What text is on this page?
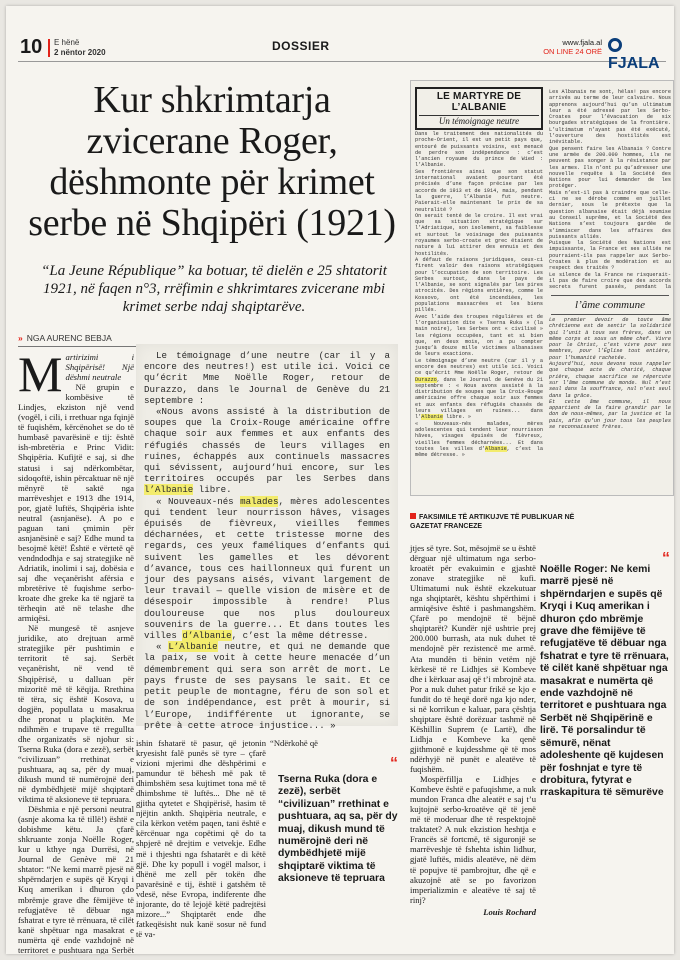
10 E hënë
2 nëntor 2020	DOSSIER	www.fjala.al
ON LINE 24 ORË
FJALA
Kur shkrimtarja zvicerane Roger, dëshmonte për krimet serbe në Shqipëri (1921)

“La Jeune République” ka botuar, të dielën e 25 shtatorit 1921, në faqen n°3, rrëfimin e shkrimtares zvicerane mbi krimet serbe ndaj shqiptarëve.

» NGA AURENC BEBJA
M artirizimi i Shqipërisë! Një dëshmi neutrale

Në grupin e kombësive të Lindjes, ekziston një vend (vogël, i cili, i rrethuar nga fqinjë të fuqishëm, kërcënohet se do të humbasë pavarësinë e tij: është ish-mbretëria e Princ Vidit: Shqipëria. Kufijtë e saj, si dhe statusi i saj ndërkombëtar, sidoqoftë, ishin përcaktuar në një mënyrë të saktë nga marrëveshjet e 1913 dhe 1914, por, gjatë luftës, Shqipëria ishte neutral (asnjanëse). A po e paguan tani çmimin për asnjanësinë e saj? Edhe mund ta besojmë këtë! Është e vërtetë që vendndodhja e saj strategjike në Adriatik, inolimi i saj, dobësia e saj dhe veçanërisht afërsia e mbretërive të fuqishme serbo-kroate dhe greke ka të ngjarë ta tërheqin atë në telashe dhe armiqësi.

Në mungesë të asnjeve juridike, ato drejtuan armë strategjike për pushtimin e territorit të saj. Serbët veçanërisht, në vend të Shqipërisë, u dalluan për mizoritë më të këqija. Rrethina të tëra, siç është Kosova, u dogjën, popullata u masakrua dhe pronat u plaçkitën. Me ndihmën e trupave të rregullta dhe organizatës së njohur si: Tserna Ruka (dora e zezë), serbët “civilizuan” rrethinat e pushtuara, aq sa, për dy muaj, dikush mund të numërojnë deri në dymbëdhjetë mijë shqiptarë viktima të aksioneve të tepruara.

Dëshmia e një personi neutral (asnje akoma ka të tillë!) është e dobishme këtu. Ja çfarë shkruante zonja Noëlle Roger, kur u kthye nga Durrësi, në Journal de Genève më 21 shtator: “Ne kemi marrë pjesë në shpërndarjen e supës që Kryqi i Kuq amerikan i dhuron çdo mbrëmje grave dhe fëmijëve të refugjatëve të dëbuar nga fshatrat e tyre të rrënuara, të cilët kanë shpëtuar nga masakrat e numërta që ende vazhdojnë në territoret e pushtuara nga Serbët

Le témoignage d’une neutre (car il y a encore des neutres!) est utile ici. Voici ce qu’écrit Mme Noëlle Roger, retour de Durazzo, dans le Journal de Genève du 21 septembre :

«Nous avons assisté à la distribution de soupes que la Croix-Rouge américaine offre chaque soir aux femmes et aux enfants des réfugiés chassés de leurs villages en ruines, échappés aux continuels massacres qui sévissent, aujourd’hui encore, sur les territoires occupés par les Serbes dans l’Albanie libre.

« Nouveaux-nés malades, mères adolescentes qui tendent leur nourrisson hâves, visages épuisés de fièvreux, vieilles femmes décharnées, et cette tristesse morne des regards, ces yeux faméliques d’enfants qui suivent les gamelles et les dévorent d’avance, tous ces haillonneux qui furent un jour des paysans aisés, vivant largement de leur travail — quelle vision de misère et de désespoir impossible à rendre! Plus douloureuse que nos plus douloureux souvenirs de la guerre... Et dans toutes les villes d’Albanie, c’est la même détresse.

« L’Albanie neutre, et qui ne demande que la paix, se voit à cette heure menacée d’un démembrement qui sera son arrêt de mort. Le pays fruste de ses paysans le sait. Et ce petit peuple de montagne, féru de son sol et de son indépendance, est prêt à mourir, si l’Europe, indifférente ut ignorante, se prête à cette atroce injustice... »

LE MARTYRE DE L’ALBANIE
Un témoignage neutre
Dans le traitement des nationalités du proche-Orient, il est un petit pays que, entouré de puissants voisins, est menacé de perdre son indépendance : c’est l’ancien royaume du prince de Wied : l’Albanie.
Ses frontières ainsi que son statut international avaient pourtant été précisés d’une façon précise par les accords de 1913 et de 1914, mais, pendant la guerre, l’Albanie fut neutre. Paierait-elle maintenant le prix de sa neutralité ?
On serait tenté de le croire. Il est vrai que sa situation stratégique sur l’Adriatique, son isolement, sa faiblesse et surtout le voisinage des puissants royaumes serbo-croate et grec étaient de nature à lui attirer des ennuis et des hostilités.
A défaut de raisons juridiques, ceux-ci firent valoir des raisons stratégiques pour l’occupation de son territoire. Les Serbes surtout, dans le pays de l’Albanie, se sont signalés par les pires atrocités. Des régions entières, comme le Kossovo, ont été incendiées, les populations massacrées et les biens pillés.
Avec l’aide des troupes régulières et de l’organisation dite « Tserna Ruka » (la main noire), les Serbes ont « civilisé » les régions occupées, tant et si bien que, en deux mois, on a pu compter jusqu’à douze mille victimes albanaises de leurs exactions.
Le témoignage d’une neutre (car il y a encore des neutres) est utile ici. Voici ce qu’écrit Mme Noëlle Roger, retour de Durazzo, dans le Journal de Genève du 21 septembre : « Nous avons assisté à la distribution de soupes que la Croix-Rouge américaine offre chaque soir aux femmes et aux enfants des réfugiés chassés de leurs villages en ruines... dans l’Albanie libre. »
« Nouveaux-nés malades, mères adolescentes qui tendent leur nourrisson hâves, visages épuisés de fièvreux, vieilles femmes décharnées... Et dans toutes les villes d’Albanie, c’est la même détresse. »
Les Albanais ne sont, hélas! pas encore arrivés au terme de leur calvaire. Nous apprenons aujourd’hui qu’un ultimatum leur a été adressé par les Serbo-Croates pour l’évacuation de six bourgades stratégiques de la frontière. L’ultimatum n’ayant pas été exécuté, l’ouverture des hostilités est inévitable.
Que pensent faire les Albanais ? Contre une armée de 200.000 hommes, ils ne peuvent pas songer à la résistance par les armes. Ils n’ont pu qu’adresser une nouvelle requête à la Société des Nations pour lui demander de les protéger.
Mais n’est-il pas à craindre que celle-ci ne se dérobe comme en juillet dernier, sous le prétexte que la question albanaise était déjà soumise au Conseil suprême, et la Société des Nations s’est toujours gardée de s’immiscer dans les affaires des puissants alliés.
Puisque la Société des Nations est impuissante, la France et ses alliés ne pourraient-ils pas rappeler aux Serbo-Croates à plus de modération et au respect des traités ?
Le silence de la France ne risquerait-il pas de faire croire que des accords secrets furent passés, pendant la
l’âme commune
Le premier devoir de toute âme chrétienne est de sentir la solidarité qui l’unit à tous ses frères, dans un même corps et sous un même chef. Vivre pour le Christ, c’est vivre pour ses membres, pour l’Église tout entière, pour l’humanité rachetée.
Aujourd’hui, nous devons nous rappeler que chaque acte de charité, chaque prière, chaque sacrifice se répercute sur l’âme commune du monde. Nul n’est seul dans la souffrance, nul n’est seul dans la grâce.
Et cette âme commune, il nous appartient de la faire grandir par le don de nous-mêmes, par la justice et la paix, afin qu’un jour tous les peuples se reconnaissent frères.
FAKSIMILE TË ARTIKUJVE TË PUBLIKUAR NË GAZETAT FRANCEZE
ishin fshatarë të pasur, që jetonin kryesisht falë punës së tyre – çfarë vizioni mjerimi dhe dëshpërimi e pamundur të bëhesh më pak të dhimbshëm sesa kujtimet tona më të dhimbshme të luftës... Dhe në të gjitha qytetet e Shqipërisë, hasim të njëjtin ankth. Shqipëria neutrale, e cila kërkon vetëm paqen, tani është e kërcënuar nga copëtimi që do ta shpjerë në drejtim e vetvekje. Edhe më i thjeshti nga fshatarët e di këtë gjë. Dhe ky popull i vogël malsor, i dhënë me zell për tokën dhe pavarësinë e tij, është i gatshëm të vdesë, nëse Evropa, indiferente dhe injorante, do të lejojë këtë padrejtësi mizore...” Shqiptarët ende dhe fatkeqësisht nuk kanë sosur në fund të va-
“Ndërkohë që
“
Tserna Ruka (dora e zezë), serbët “civilizuan” rrethinat e pushtuara, aq sa, për dy muaj, dikush mund të numërojnë deri në dymbëdhjetë mijë shqiptarë viktima të aksioneve të tepruara

jtjes së tyre. Sot, mësojmë se u është dërguar një ultimatum nga serbo-kroatët për evakuimin e gjashtë zonave strategjike në kufi. Ultimatumi nuk është ekzekutuar nga shqiptarët, kështu shpërthimi i armiqësive është i pashmangshëm. Çfarë po mendojnë të bëjnë shqiptarët? Kundër një ushtrie prej 200.000 burrash, ata nuk duhet të mendojnë për rezistencë me armë. Ata mundën ti bënin vetëm një kërkesë të re Lidhjes së Kombeve dhe i kërkuar asaj që t’i mbrojnë ata. Por a nuk duhet patur frikë se kjo e fundit do të heqë dorë nga kjo nder, si në korrikun e kaluar, para çështja shqiptare është dorëzuar tashmë në Këshillin Suprem (e Lartë), dhe Lidhja e Kombeve ka qenë gjithmonë e kujdesshme që të mos ndërhyjë në punët e aleatëve të fuqishëm.

Mospërfillja e Lidhjes e Kombeve është e pafuqishme, a nuk mundon Franca dhe aleatët e saj t’u kujtojnë serbo-kroatëve që të jenë më të moderuar dhe të respektojnë traktatet? A nuk ekzistion heshtja e Francës së fortcmë, të siguronjë se marrëveshje të fshehta ishin lidhur, gjatë luftës, midis aleatëve, në dëm të popujve të pambrojtur, dhe që e akuzojnë atë se po favorizon imperializmin e aleatëve të saj të rinj?

Louis Rochard

“
Noëlle Roger: Ne kemi marrë pjesë në shpërndarjen e supës që Kryqi i Kuq amerikan i dhuron çdo mbrëmje grave dhe fëmijëve të refugjatëve të dëbuar nga fshatrat e tyre të rrënuara, të cilët kanë shpëtuar nga masakrat e numërta që ende vazhdojnë në territoret e pushtuara nga Serbët në Shqipërinë e lirë. Të porsalindur të sëmurë, nënat adoleshente që kujdesen për foshnjat e tyre të drobitura, fytyrat e rraskapitura të sëmurëve
